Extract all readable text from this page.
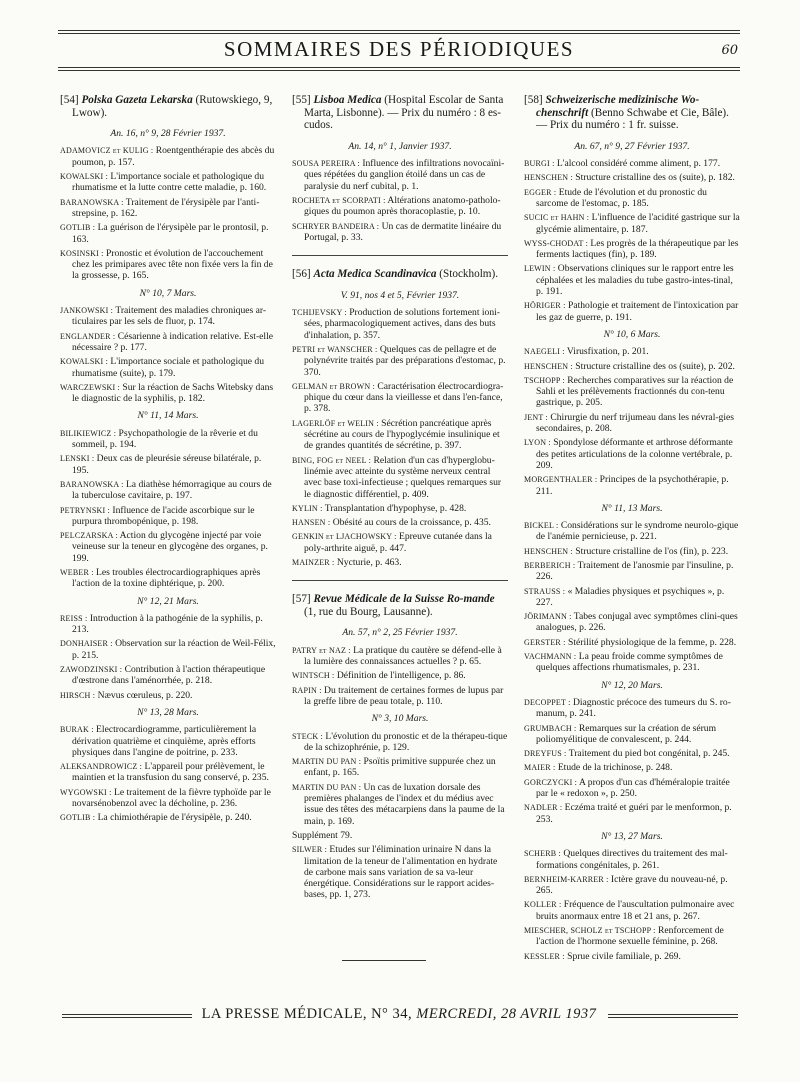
SOMMAIRES DES PÉRIODIQUES	60
[54] Polska Gazeta Lekarska (Rutowskiego, 9, Lwow).
An. 16, n° 9, 28 Février 1937.
ADAMOVICZ et KULIG : Roentgenthérapie des abcès du poumon, p. 157.
KOWALSKI : L'importance sociale et pathologique du rhumatisme et la lutte contre cette maladie, p. 160.
BARANOWSKA : Traitement de l'érysipèle par l'anti-strepsine, p. 162.
GOTLIB : La guérison de l'érysipèle par le prontosil, p. 163.
KOSINSKI : Pronostic et évolution de l'accouchement chez les primipares avec tête non fixée vers la fin de la grossesse, p. 165.
N° 10, 7 Mars.
JANKOWSKI : Traitement des maladies chroniques ar-ticulaires par les sels de fluor, p. 174.
ENGLANDER : Césarienne à indication relative. Est-elle nécessaire ? p. 177.
KOWALSKI : L'importance sociale et pathologique du rhumatisme (suite), p. 179.
WARCZEWSKI : Sur la réaction de Sachs Witebsky dans le diagnostic de la syphilis, p. 182.
N° 11, 14 Mars.
BILIKIEWICZ : Psychopathologie de la rêverie et du sommeil, p. 194.
LENSKI : Deux cas de pleurésie séreuse bilatérale, p. 195.
BARANOWSKA : La diathèse hémorragique au cours de la tuberculose cavitaire, p. 197.
PETRYNSKI : Influence de l'acide ascorbique sur le purpura thrombopénique, p. 198.
PELCZARSKA : Action du glycogène injecté par voie veineuse sur la teneur en glycogène des organes, p. 199.
WEBER : Les troubles électrocardiographiques après l'action de la toxine diphtérique, p. 200.
N° 12, 21 Mars.
REISS : Introduction à la pathogénie de la syphilis, p. 213.
DONHAISER : Observation sur la réaction de Weil-Félix, p. 215.
ZAWODZINSKI : Contribution à l'action thérapeutique d'œstrone dans l'aménorrhée, p. 218.
HIRSCH : Nævus cœruleus, p. 220.
N° 13, 28 Mars.
BURAK : Electrocardiogramme, particulièrement la dérivation quatrième et cinquième, après efforts physiques dans l'angine de poitrine, p. 233.
ALEKSANDROWICZ : L'appareil pour prélèvement, le maintien et la transfusion du sang conservé, p. 235.
WYGOWSKI : Le traitement de la fièvre typhoïde par le novarsénobenzol avec la décholine, p. 236.
GOTLIB : La chimiothérapie de l'érysipèle, p. 240.
[55] Lisboa Medica (Hospital Escolar de Santa Marta, Lisbonne). — Prix du numéro : 8 es-cudos.
An. 14, n° 1, Janvier 1937.
SOUSA PEREIRA : Influence des infiltrations novocaïni-ques répétées du ganglion étoilé dans un cas de paralysie du nerf cubital, p. 1.
ROCHETA et SCORPATI : Altérations anatomo-patholo-giques du poumon après thoracoplastie, p. 10.
SCHRYER BANDEIRA : Un cas de dermatite linéaire du Portugal, p. 33.
[56] Acta Medica Scandinavica (Stockholm).
V. 91, nos 4 et 5, Février 1937.
TCHIJEVSKY : Production de solutions fortement ioni-sées, pharmacologiquement actives, dans des buts d'inhalation, p. 357.
PETRI et WANSCHER : Quelques cas de pellagre et de polynévrite traités par des préparations d'estomac, p. 370.
GELMAN et BROWN : Caractérisation électrocardiogra-phique du cœur dans la vieillesse et dans l'en-fance, p. 378.
LAGERLÖF et WELIN : Sécrétion pancréatique après sécrétine au cours de l'hypoglycémie insulinique et de grandes quantités de sécrétine, p. 397.
BING, FOG et NEEL : Relation d'un cas d'hyperglobu-linémie avec atteinte du système nerveux central avec base toxi-infectieuse ; quelques remarques sur le diagnostic différentiel, p. 409.
KYLIN : Transplantation d'hypophyse, p. 428.
HANSEN : Obésité au cours de la croissance, p. 435.
GENKIN et LJACHOWSKY : Epreuve cutanée dans la poly-arthrite aiguë, p. 447.
MAINZER : Nycturie, p. 463.
[57] Revue Médicale de la Suisse Ro-mande (1, rue du Bourg, Lausanne).
An. 57, n° 2, 25 Février 1937.
PATRY et NAZ : La pratique du cautère se défend-elle à la lumière des connaissances actuelles ? p. 65.
WINTSCH : Définition de l'intelligence, p. 86.
RAPIN : Du traitement de certaines formes de lupus par la greffe libre de peau totale, p. 110.
N° 3, 10 Mars.
STECK : L'évolution du pronostic et de la thérapeu-tique de la schizophrénie, p. 129.
MARTIN DU PAN : Psoïtis primitive suppurée chez un enfant, p. 165.
MARTIN DU PAN : Un cas de luxation dorsale des premières phalanges de l'index et du médius avec issue des têtes des métacarpiens dans la paume de la main, p. 169.
Supplément 79.
SILWER : Etudes sur l'élimination urinaire N dans la limitation de la teneur de l'alimentation en hydrate de carbone mais sans variation de sa va-leur énergétique. Considérations sur le rapport acides-bases, pp. 1, 273.
[58] Schweizerische medizinische Wo-chenschrift (Benno Schwabe et Cie, Bâle). — Prix du numéro : 1 fr. suisse.
An. 67, n° 9, 27 Février 1937.
BURGI : L'alcool considéré comme aliment, p. 177.
HENSCHEN : Structure cristalline des os (suite), p. 182.
EGGER : Etude de l'évolution et du pronostic du sarcome de l'estomac, p. 185.
SUCIC et HAHN : L'influence de l'acidité gastrique sur la glycémie alimentaire, p. 187.
WYSS-CHODAT : Les progrès de la thérapeutique par les ferments lactiques (fin), p. 189.
LEWIN : Observations cliniques sur le rapport entre les céphalées et les maladies du tube gastro-intes-tinal, p. 191.
HÖRIGER : Pathologie et traitement de l'intoxication par les gaz de guerre, p. 191.
N° 10, 6 Mars.
NAEGELI : Virusfixation, p. 201.
HENSCHEN : Structure cristalline des os (suite), p. 202.
TSCHOPP : Recherches comparatives sur la réaction de Sahli et les prélèvements fractionnés du con-tenu gastrique, p. 205.
JENT : Chirurgie du nerf trijumeau dans les névral-gies secondaires, p. 208.
LYON : Spondylose déformante et arthrose déformante des petites articulations de la colonne vertébrale, p. 209.
MORGENTHALER : Principes de la psychothérapie, p. 211.
N° 11, 13 Mars.
BICKEL : Considérations sur le syndrome neurolo-gique de l'anémie pernicieuse, p. 221.
HENSCHEN : Structure cristalline de l'os (fin), p. 223.
BERBERICH : Traitement de l'anosmie par l'insuline, p. 226.
STRAUSS : « Maladies physiques et psychiques », p. 227.
JÖRIMANN : Tabes conjugal avec symptômes clini-ques analogues, p. 226.
GERSTER : Stérilité physiologique de la femme, p. 228.
VACHMANN : La peau froide comme symptômes de quelques affections rhumatismales, p. 231.
N° 12, 20 Mars.
DECOPPET : Diagnostic précoce des tumeurs du S. ro-manum, p. 241.
GRUMBACH : Remarques sur la création de sérum poliomyélitique de convalescent, p. 244.
DREYFUS : Traitement du pied bot congénital, p. 245.
MAIER : Etude de la trichinose, p. 248.
GORCZYCKI : A propos d'un cas d'héméralopie traitée par le « redoxon », p. 250.
NADLER : Eczéma traité et guéri par le menformon, p. 253.
N° 13, 27 Mars.
SCHERB : Quelques directives du traitement des mal-formations congénitales, p. 261.
BERNHEIM-KARRER : Ictère grave du nouveau-né, p. 265.
KOLLER : Fréquence de l'auscultation pulmonaire avec bruits anormaux entre 18 et 21 ans, p. 267.
MIESCHER, SCHOLZ et TSCHOPP : Renforcement de l'action de l'hormone sexuelle féminine, p. 268.
KESSLER : Sprue civile familiale, p. 269.
LA PRESSE MÉDICALE, N° 34, MERCREDI, 28 AVRIL 1937
